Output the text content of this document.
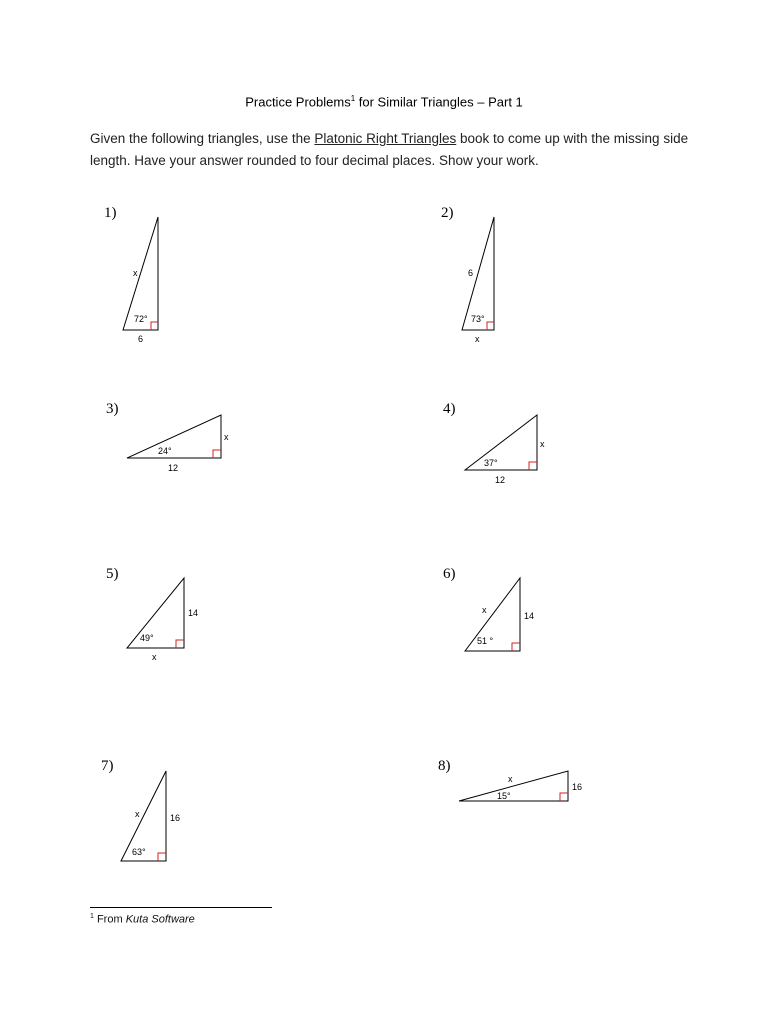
Practice Problems$^1$ for Similar Triangles – Part 1
Given the following triangles, use the Platonic Right Triangles book to come up with the missing side length. Have your answer rounded to four decimal places. Show your work.
1)
72°
x
6
2)
73°
6
x
3)
24°
x
12
4)
37°
x
12
5)
49°
14
x
6)
51 °
x
14
7)
63°
x	16
8)
15°
x
16
$^1$ From Kuta Software
